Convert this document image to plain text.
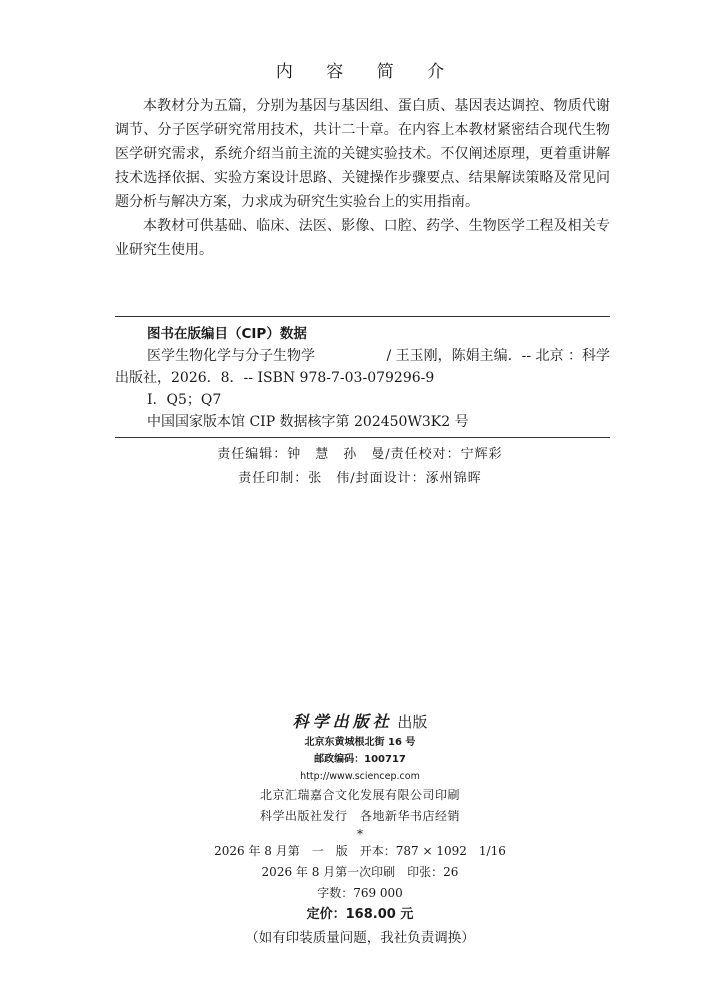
内 容 简 介

本教材分为五篇，分别为基因与基因组、蛋白质、基因表达调控、物质代谢调节、分子医学研究常用技术，共计二十章。在内容上本教材紧密结合现代生物医学研究需求，系统介绍当前主流的关键实验技术。不仅阐述原理，更着重讲解技术选择依据、实验方案设计思路、关键操作步骤要点、结果解读策略及常见问题分析与解决方案，力求成为研究生实验台上的实用指南。

本教材可供基础、临床、法医、影像、口腔、药学、生物医学工程及相关专业研究生使用。

图书在版编目（CIP）数据
医学生物化学与分子生物学	/ 王玉刚，陈娟主编．-- 北京 ：科学
出版社，2026．8．-- ISBN 978-7-03-079296-9
Ⅰ．Q5；Q7
中国国家版本馆 CIP 数据核字第 202450W3K2 号
责任编辑：钟　慧　孙　曼/责任校对：宁辉彩
责任印制：张　伟/封面设计：涿州锦晖
科学出版社 出版
北京东黄城根北街 16 号
邮政编码：100717
http://www.sciencep.com
北京汇瑞嘉合文化发展有限公司印刷
科学出版社发行　各地新华书店经销
*
2026 年 8 月第　一　版　开本：787 × 1092　1/16
2026 年 8 月第一次印刷　印张：26
字数：769 000
定价：168.00 元
（如有印装质量问题，我社负责调换）
